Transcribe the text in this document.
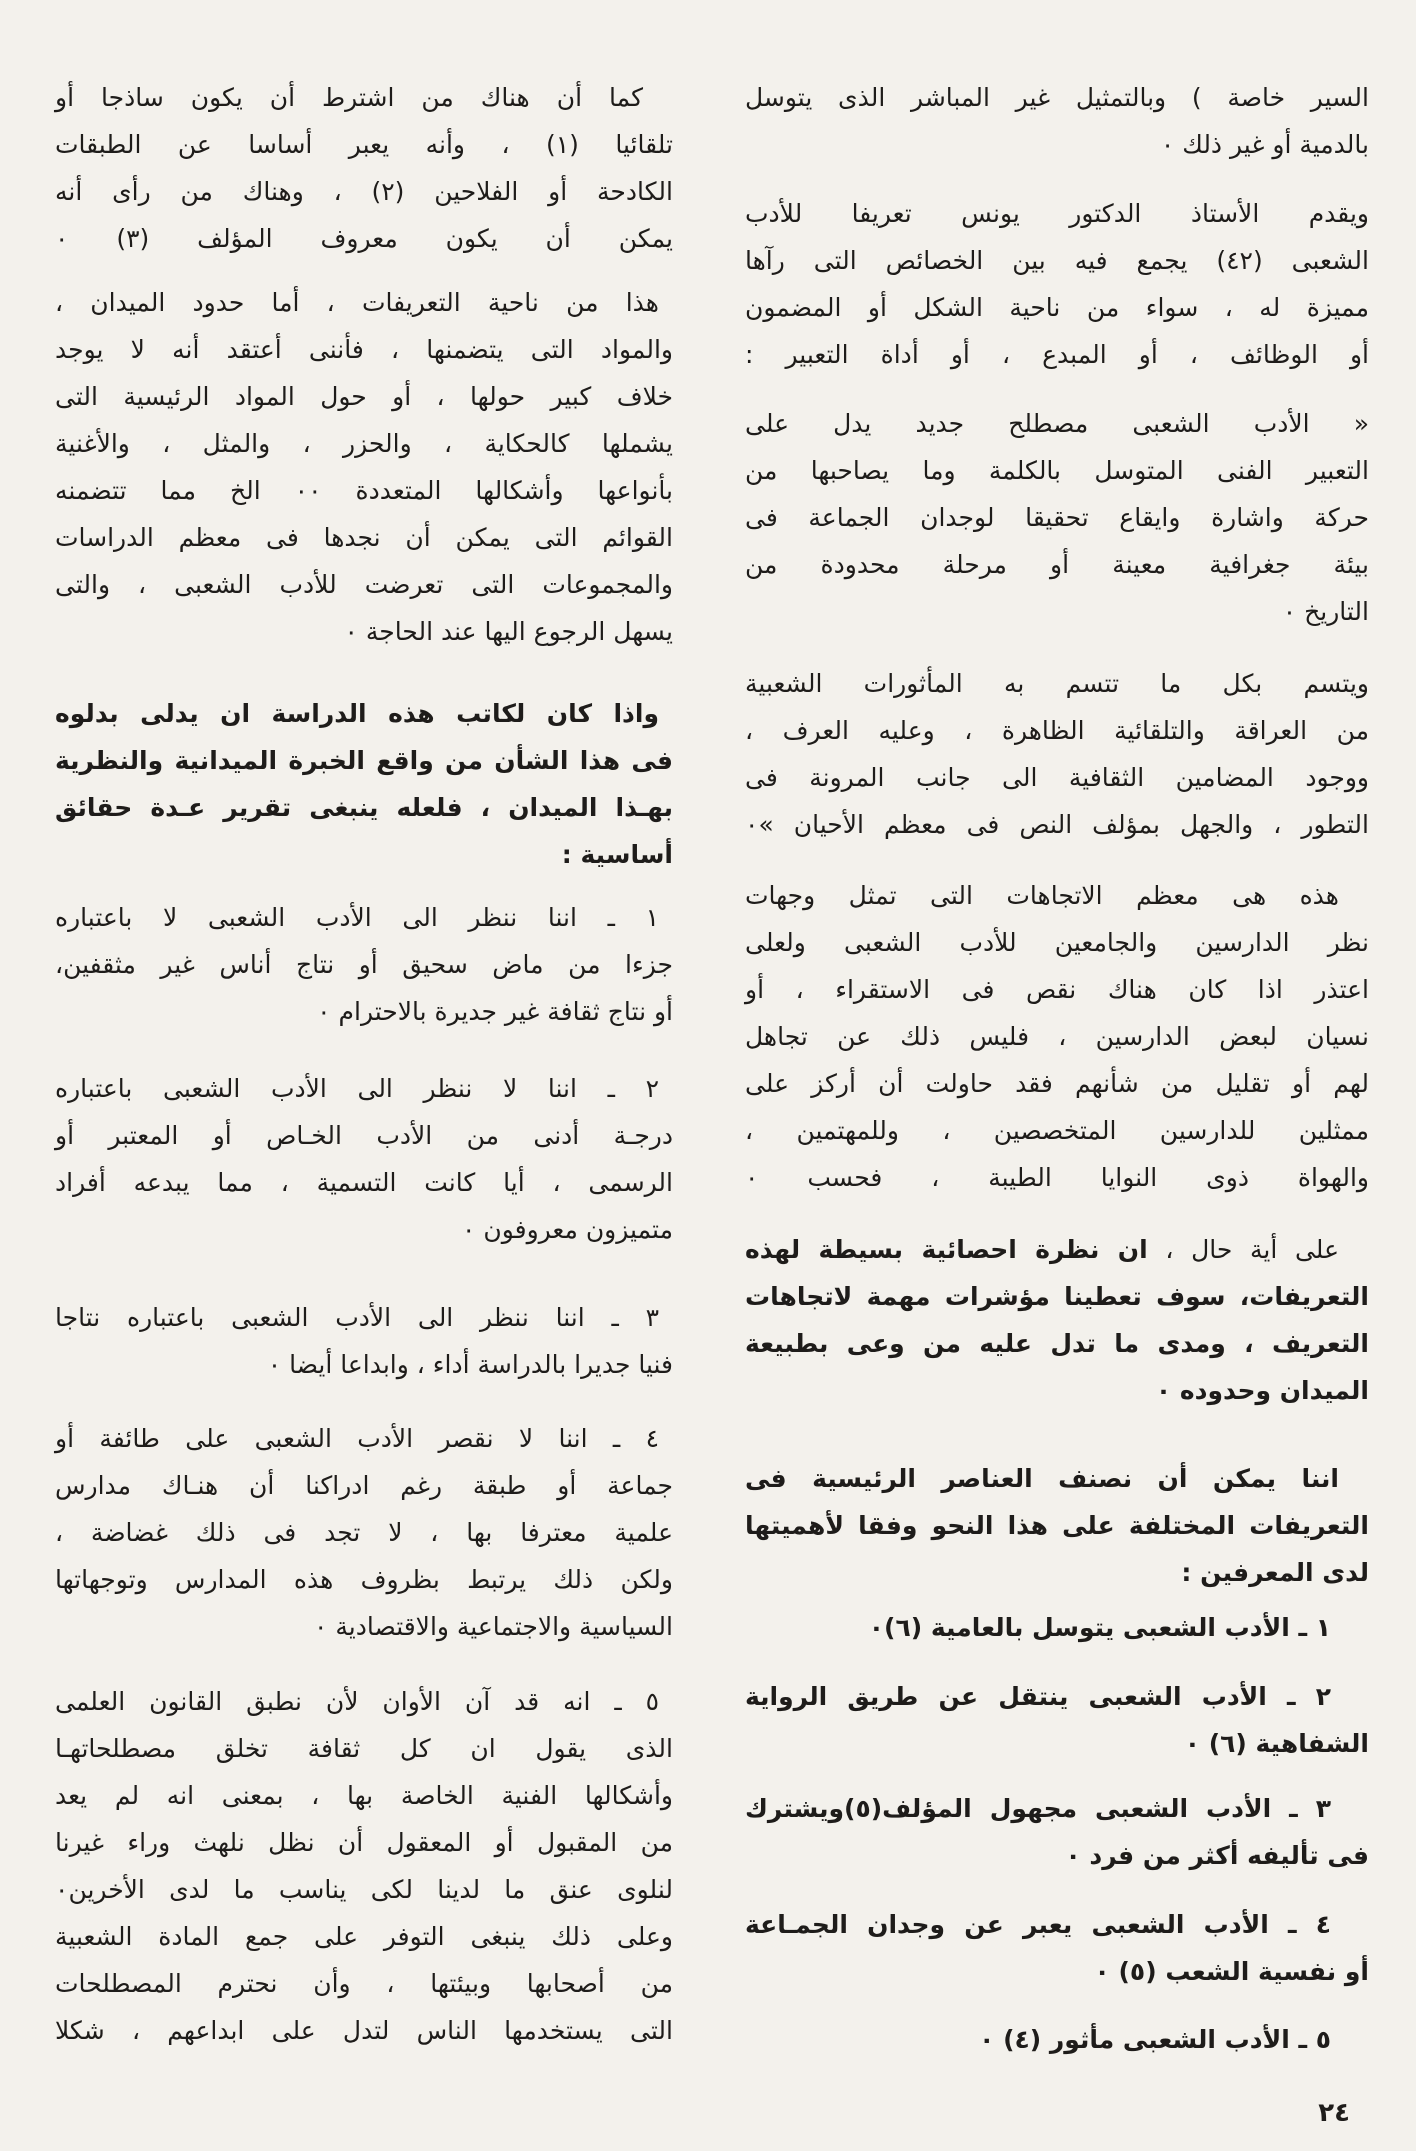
السير خاصة ) وبالتمثيل غير المباشر الذى يتوسل
بالدمية أو غير ذلك ٠
ويقدم الأستاذ الدكتور يونس تعريفا للأدب
الشعبى (٤٢) يجمع فيه بين الخصائص التى رآها
مميزة له ، سواء من ناحية الشكل أو المضمون
أو الوظائف ، أو المبدع ، أو أداة التعبير :
« الأدب الشعبى مصطلح جديد يدل على
التعبير الفنى المتوسل بالكلمة وما يصاحبها من
حركة واشارة وايقاع تحقيقا لوجدان الجماعة فى
بيئة جغرافية معينة أو مرحلة محدودة من
التاريخ ٠
ويتسم بكل ما تتسم به المأثورات الشعبية
من العراقة والتلقائية الظاهرة ، وعليه العرف ،
ووجود المضامين الثقافية الى جانب المرونة فى
التطور ، والجهل بمؤلف النص فى معظم الأحيان »٠
هذه هى معظم الاتجاهات التى تمثل وجهات
نظر الدارسين والجامعين للأدب الشعبى ولعلى
اعتذر اذا كان هناك نقص فى الاستقراء ، أو
نسيان لبعض الدارسين ، فليس ذلك عن تجاهل
لهم أو تقليل من شأنهم فقد حاولت أن أركز على
ممثلين للدارسين المتخصصين ، وللمهتمين ،
والهواة ذوى النوايا الطيبة ، فحسب ٠
على أية حال ، ان نظرة احصائية بسيطة لهذه
التعريفات، سوف تعطينا مؤشرات مهمة لاتجاهات
التعريف ، ومدى ما تدل عليه من وعى بطبيعة
الميدان وحدوده ٠
اننا يمكن أن نصنف العناصر الرئيسية فى
التعريفات المختلفة على هذا النحو وفقا لأهميتها
لدى المعرفين :
١ ـ الأدب الشعبى يتوسل بالعامية (٦)٠
٢ ـ الأدب الشعبى ينتقل عن طريق الرواية
الشفاهية (٦) ٠
٣ ـ الأدب الشعبى مجهول المؤلف(٥)ويشترك
فى تأليفه أكثر من فرد ٠
٤ ـ الأدب الشعبى يعبر عن وجدان الجمـاعة
أو نفسية الشعب (٥) ٠
٥ ـ الأدب الشعبى مأثور (٤) ٠
كما أن هناك من اشترط أن يكون ساذجا أو
تلقائيا (١) ، وأنه يعبر أساسا عن الطبقات
الكادحة أو الفلاحين (٢) ، وهناك من رأى أنه
يمكن أن يكون معروف المؤلف (٣) ٠
هذا من ناحية التعريفات ، أما حدود الميدان ،
والمواد التى يتضمنها ، فأننى أعتقد أنه لا يوجد
خلاف كبير حولها ، أو حول المواد الرئيسية التى
يشملها كالحكاية ، والحزر ، والمثل ، والأغنية
بأنواعها وأشكالها المتعددة ٠٠ الخ مما تتضمنه
القوائم التى يمكن أن نجدها فى معظم الدراسات
والمجموعات التى تعرضت للأدب الشعبى ، والتى
يسهل الرجوع اليها عند الحاجة ٠
واذا كان لكاتب هذه الدراسة ان يدلى بدلوه
فى هذا الشأن من واقع الخبرة الميدانية والنظرية
بهـذا الميدان ، فلعله ينبغى تقرير عـدة حقائق
أساسية :
١ ـ اننا ننظر الى الأدب الشعبى لا باعتباره
جزءا من ماض سحيق أو نتاج أناس غير مثقفين،
أو نتاج ثقافة غير جديرة بالاحترام ٠
٢ ـ اننا لا ننظر الى الأدب الشعبى باعتباره
درجـة أدنى من الأدب الخـاص أو المعتبر أو
الرسمى ، أيا كانت التسمية ، مما يبدعه أفراد
متميزون معروفون ٠
٣ ـ اننا ننظر الى الأدب الشعبى باعتباره نتاجا
فنيا جديرا بالدراسة أداء ، وابداعا أيضا ٠
٤ ـ اننا لا نقصر الأدب الشعبى على طائفة أو
جماعة أو طبقة رغم ادراكنا أن هنـاك مدارس
علمية معترفا بها ، لا تجد فى ذلك غضاضة ،
ولكن ذلك يرتبط بظروف هذه المدارس وتوجهاتها
السياسية والاجتماعية والاقتصادية ٠
٥ ـ انه قد آن الأوان لأن نطبق القانون العلمى
الذى يقول ان كل ثقافة تخلق مصطلحاتهـا
وأشكالها الفنية الخاصة بها ، بمعنى انه لم يعد
من المقبول أو المعقول أن نظل نلهث وراء غيرنا
لنلوى عنق ما لدينا لكى يناسب ما لدى الأخرين٠
وعلى ذلك ينبغى التوفر على جمع المادة الشعبية
من أصحابها وبيئتها ، وأن نحترم المصطلحات
التى يستخدمها الناس لتدل على ابداعهم ، شكلا
٢٤
